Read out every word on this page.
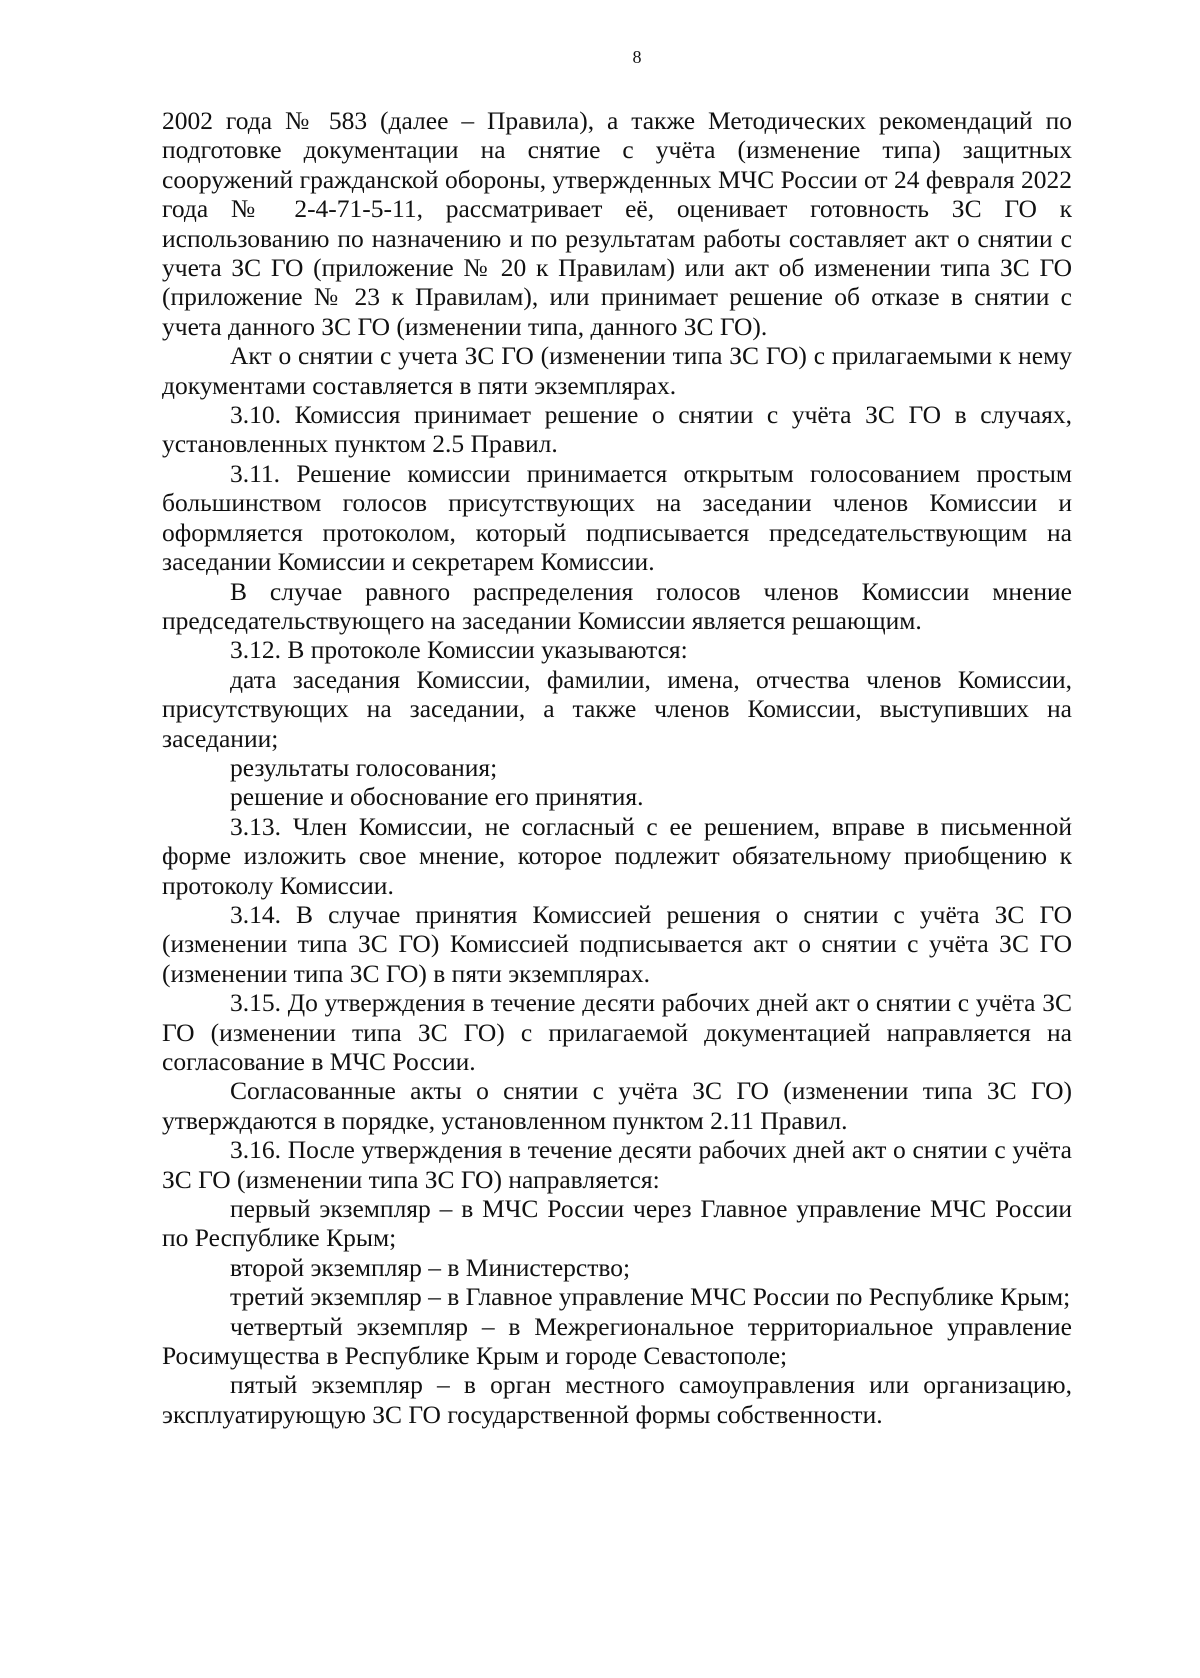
8

2002 года № 583 (далее – Правила), а также Методических рекомендаций по подготовке документации на снятие с учёта (изменение типа) защитных сооружений гражданской обороны, утвержденных МЧС России от 24 февраля 2022 года № 2-4-71-5-11, рассматривает её, оценивает готовность ЗС ГО к использованию по назначению и по результатам работы составляет акт о снятии с учета ЗС ГО (приложение № 20 к Правилам) или акт об изменении типа ЗС ГО (приложение № 23 к Правилам), или принимает решение об отказе в снятии с учета данного ЗС ГО (изменении типа, данного ЗС ГО).

Акт о снятии с учета ЗС ГО (изменении типа ЗС ГО) с прилагаемыми к нему документами составляется в пяти экземплярах.

3.10. Комиссия принимает решение о снятии с учёта ЗС ГО в случаях, установленных пунктом 2.5 Правил.

3.11. Решение комиссии принимается открытым голосованием простым большинством голосов присутствующих на заседании членов Комиссии и оформляется протоколом, который подписывается председательствующим на заседании Комиссии и секретарем Комиссии.

В случае равного распределения голосов членов Комиссии мнение председательствующего на заседании Комиссии является решающим.

3.12. В протоколе Комиссии указываются:

дата заседания Комиссии, фамилии, имена, отчества членов Комиссии, присутствующих на заседании, а также членов Комиссии, выступивших на заседании;

результаты голосования;

решение и обоснование его принятия.

3.13. Член Комиссии, не согласный с ее решением, вправе в письменной форме изложить свое мнение, которое подлежит обязательному приобщению к протоколу Комиссии.

3.14. В случае принятия Комиссией решения о снятии с учёта ЗС ГО (изменении типа ЗС ГО) Комиссией подписывается акт о снятии с учёта ЗС ГО (изменении типа ЗС ГО) в пяти экземплярах.

3.15. До утверждения в течение десяти рабочих дней акт о снятии с учёта ЗС ГО (изменении типа ЗС ГО) с прилагаемой документацией направляется на согласование в МЧС России.

Согласованные акты о снятии с учёта ЗС ГО (изменении типа ЗС ГО) утверждаются в порядке, установленном пунктом 2.11 Правил.

3.16. После утверждения в течение десяти рабочих дней акт о снятии с учёта ЗС ГО (изменении типа ЗС ГО) направляется:

первый экземпляр – в МЧС России через Главное управление МЧС России по Республике Крым;

второй экземпляр – в Министерство;

третий экземпляр – в Главное управление МЧС России по Республике Крым;

четвертый экземпляр – в Межрегиональное территориальное управление Росимущества в Республике Крым и городе Севастополе;

пятый экземпляр – в орган местного самоуправления или организацию, эксплуатирующую ЗС ГО государственной формы собственности.
